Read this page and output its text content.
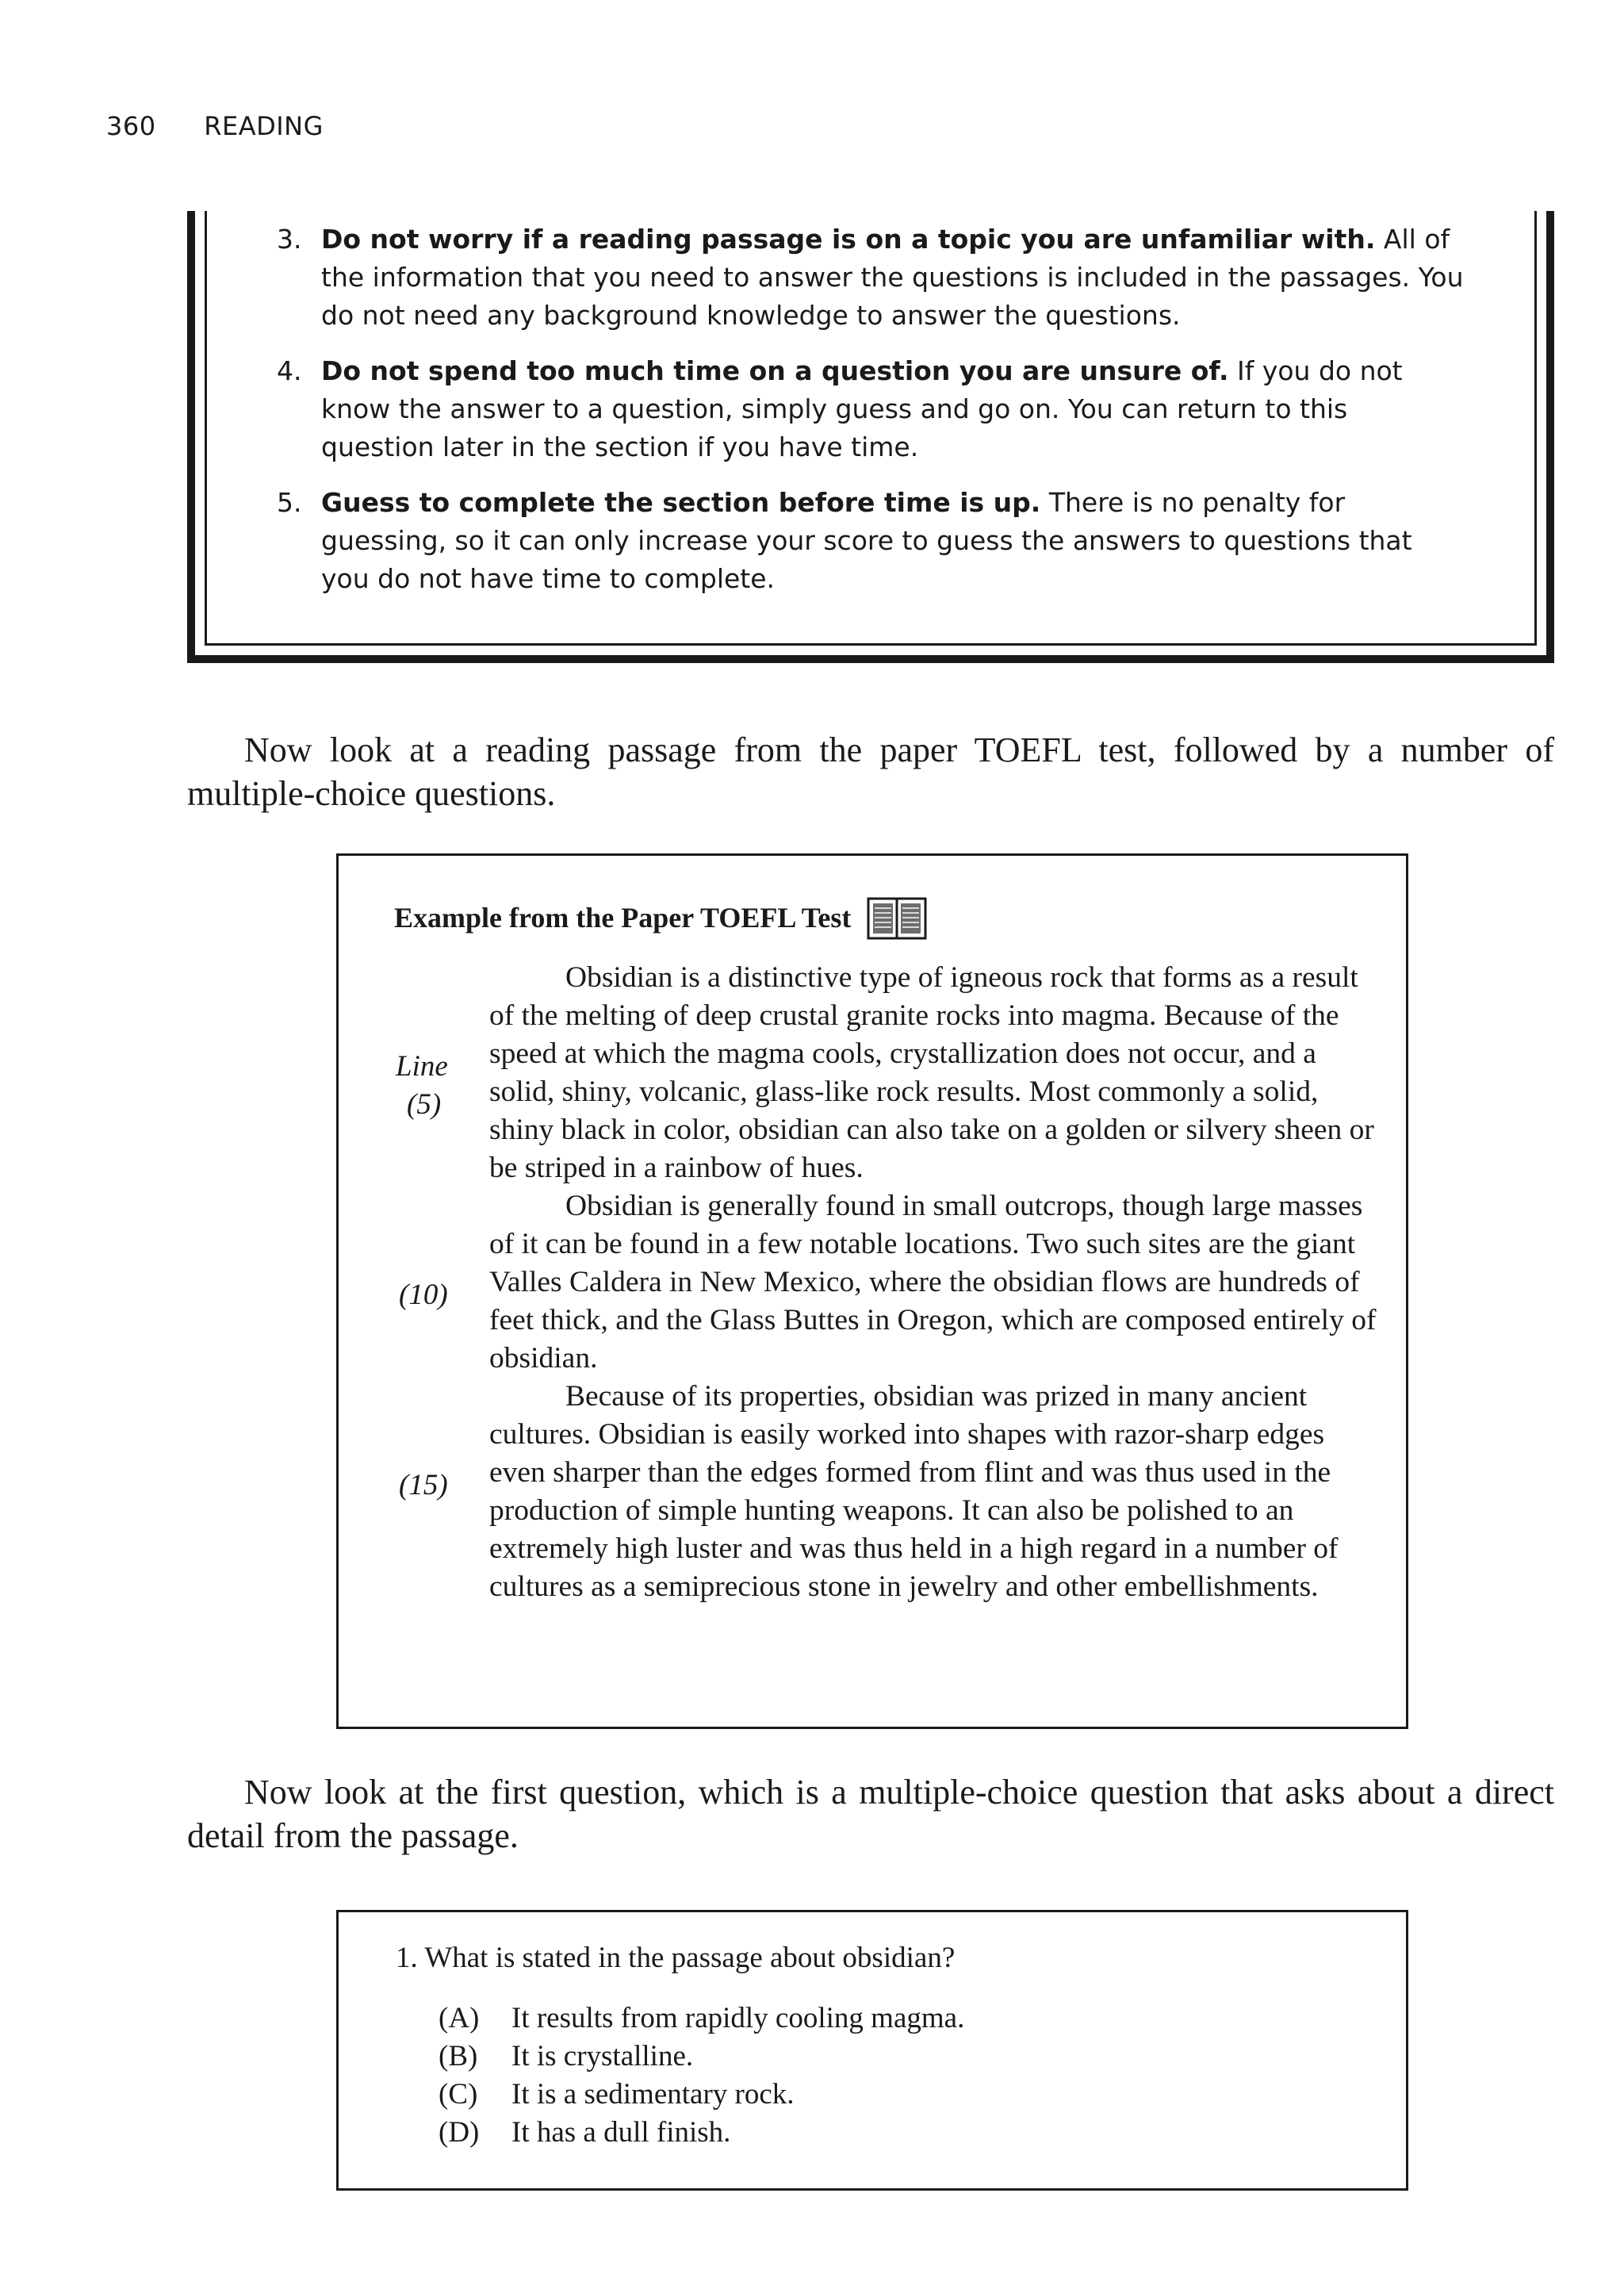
360 READING
3. Do not worry if a reading passage is on a topic you are unfamiliar with. All of the information that you need to answer the questions is included in the passages. You do not need any background knowledge to answer the questions.
4. Do not spend too much time on a question you are unsure of. If you do not know the answer to a question, simply guess and go on. You can return to this question later in the section if you have time.
5. Guess to complete the section before time is up. There is no penalty for guessing, so it can only increase your score to guess the answers to questions that you do not have time to complete.

Now look at a reading passage from the paper TOEFL test, followed by a number of multiple-choice questions.

Example from the Paper TOEFL Test
Line
(5)
(10)
(15)

Obsidian is a distinctive type of igneous rock that forms as a result of the melting of deep crustal granite rocks into magma. Because of the speed at which the magma cools, crystallization does not occur, and a solid, shiny, volcanic, glass-like rock results. Most commonly a solid, shiny black in color, obsidian can also take on a golden or silvery sheen or be striped in a rainbow of hues.

Obsidian is generally found in small outcrops, though large masses of it can be found in a few notable locations. Two such sites are the giant Valles Caldera in New Mexico, where the obsidian flows are hundreds of feet thick, and the Glass Buttes in Oregon, which are composed entirely of obsidian.

Because of its properties, obsidian was prized in many ancient cultures. Obsidian is easily worked into shapes with razor-sharp edges even sharper than the edges formed from flint and was thus used in the production of simple hunting weapons. It can also be polished to an extremely high luster and was thus held in a high regard in a number of cultures as a semiprecious stone in jewelry and other embellishments.

Now look at the first question, which is a multiple-choice question that asks about a direct detail from the passage.

1. What is stated in the passage about obsidian?
(A)	It results from rapidly cooling magma.
(B)	It is crystalline.
(C)	It is a sedimentary rock.
(D)	It has a dull finish.
